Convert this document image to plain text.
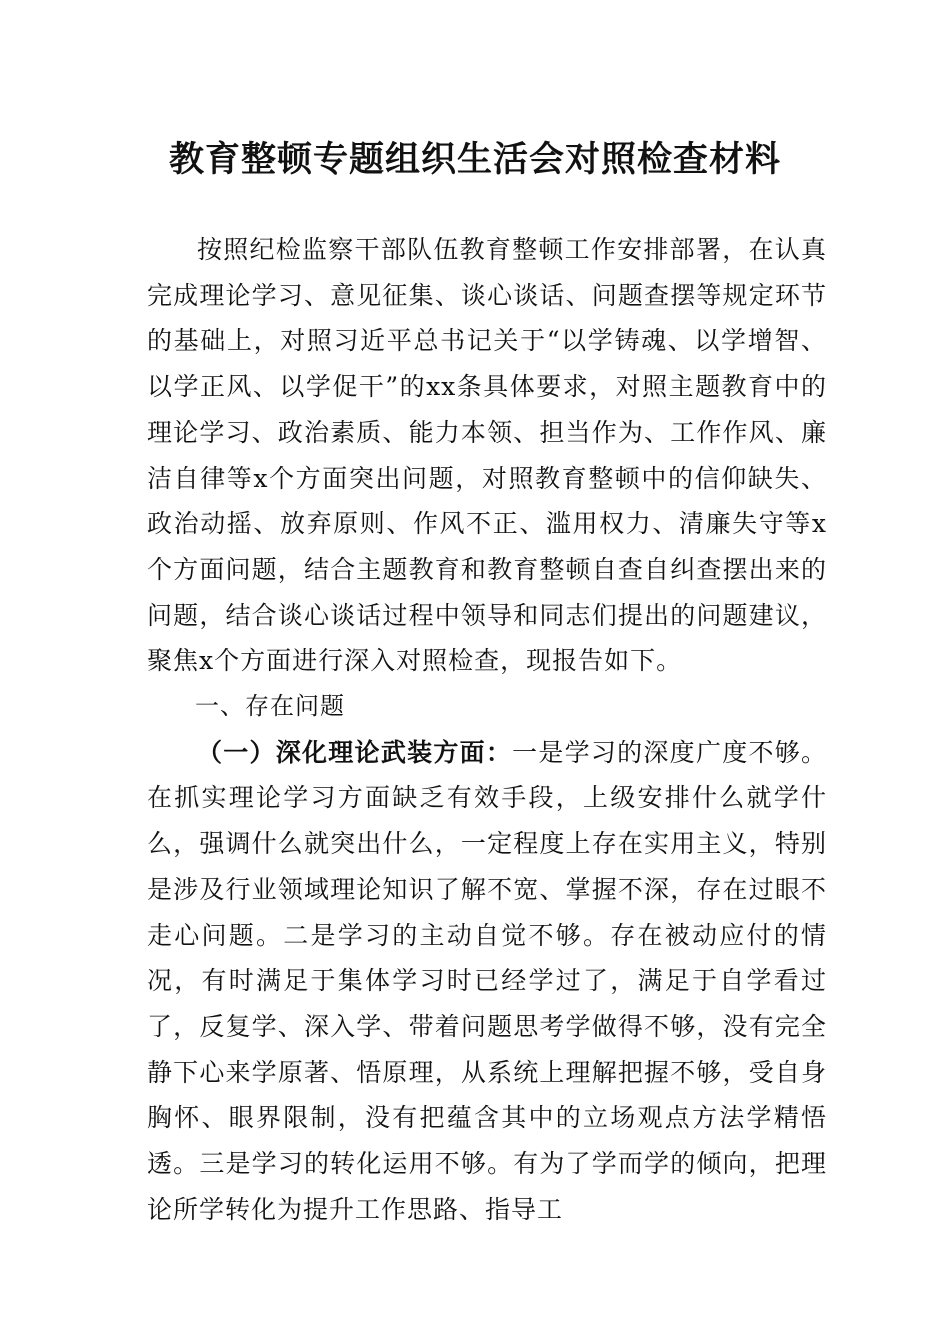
教育整顿专题组织生活会对照检查材料

按照纪检监察干部队伍教育整顿工作安排部署，在认真完成理论学习、意见征集、谈心谈话、问题查摆等规定环节的基础上，对照习近平总书记关于“以学铸魂、以学增智、以学正风、以学促干”的xx条具体要求，对照主题教育中的理论学习、政治素质、能力本领、担当作为、工作作风、廉洁自律等x个方面突出问题，对照教育整顿中的信仰缺失、政治动摇、放弃原则、作风不正、滥用权力、清廉失守等x个方面问题，结合主题教育和教育整顿自查自纠查摆出来的问题，结合谈心谈话过程中领导和同志们提出的问题建议，聚焦x个方面进行深入对照检查，现报告如下。

一、存在问题

（一）深化理论武装方面：一是学习的深度广度不够。在抓实理论学习方面缺乏有效手段，上级安排什么就学什么，强调什么就突出什么，一定程度上存在实用主义，特别是涉及行业领域理论知识了解不宽、掌握不深，存在过眼不走心问题。二是学习的主动自觉不够。存在被动应付的情况，有时满足于集体学习时已经学过了，满足于自学看过了，反复学、深入学、带着问题思考学做得不够，没有完全静下心来学原著、悟原理，从系统上理解把握不够，受自身胸怀、眼界限制，没有把蕴含其中的立场观点方法学精悟透。三是学习的转化运用不够。有为了学而学的倾向，把理论所学转化为提升工作思路、指导工
